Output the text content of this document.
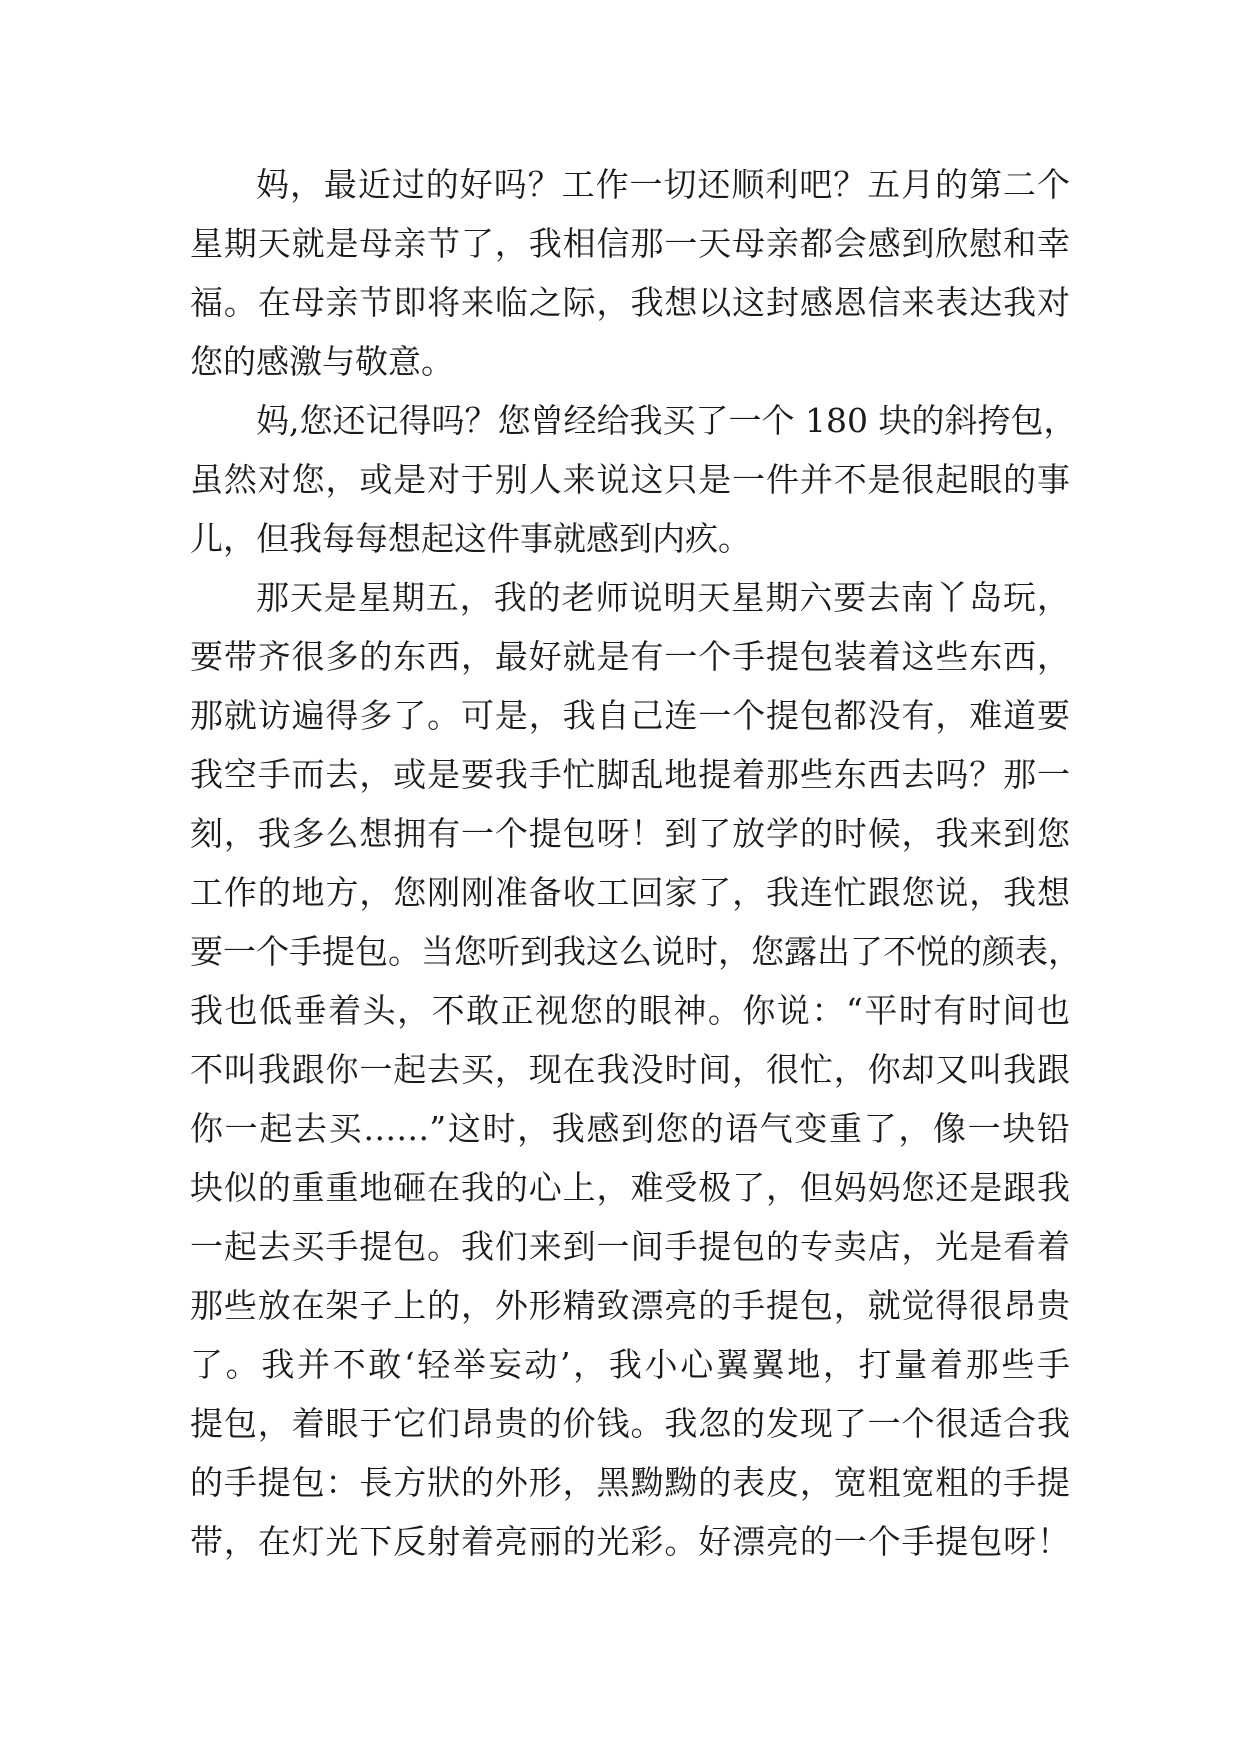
妈，最近过的好吗？工作一切还顺利吧？五月的第二个
星期天就是母亲节了，我相信那一天母亲都会感到欣慰和幸
福。在母亲节即将来临之际，我想以这封感恩信来表达我对
您的感激与敬意。
妈,您还记得吗？您曾经给我买了一个 180 块的斜挎包，
虽然对您，或是对于别人来说这只是一件并不是很起眼的事
儿，但我每每想起这件事就感到内疚。
那天是星期五，我的老师说明天星期六要去南丫岛玩，
要带齐很多的东西，最好就是有一个手提包装着这些东西，
那就访遍得多了。可是，我自己连一个提包都没有，难道要
我空手而去，或是要我手忙脚乱地提着那些东西去吗？那一
刻，我多么想拥有一个提包呀！到了放学的时候，我来到您
工作的地方，您刚刚准备收工回家了，我连忙跟您说，我想
要一个手提包。当您听到我这么说时，您露出了不悦的颜表，
我也低垂着头，不敢正视您的眼神。你说：“平时有时间也
不叫我跟你一起去买，现在我没时间，很忙，你却又叫我跟
你一起去买……”这时，我感到您的语气变重了，像一块铅
块似的重重地砸在我的心上，难受极了，但妈妈您还是跟我
一起去买手提包。我们来到一间手提包的专卖店，光是看着
那些放在架子上的，外形精致漂亮的手提包，就觉得很昂贵
了。我并不敢‘轻举妄动’，我小心翼翼地，打量着那些手
提包，着眼于它们昂贵的价钱。我忽的发现了一个很适合我
的手提包：長方狀的外形，黑黝黝的表皮，宽粗宽粗的手提
带，在灯光下反射着亮丽的光彩。好漂亮的一个手提包呀！
